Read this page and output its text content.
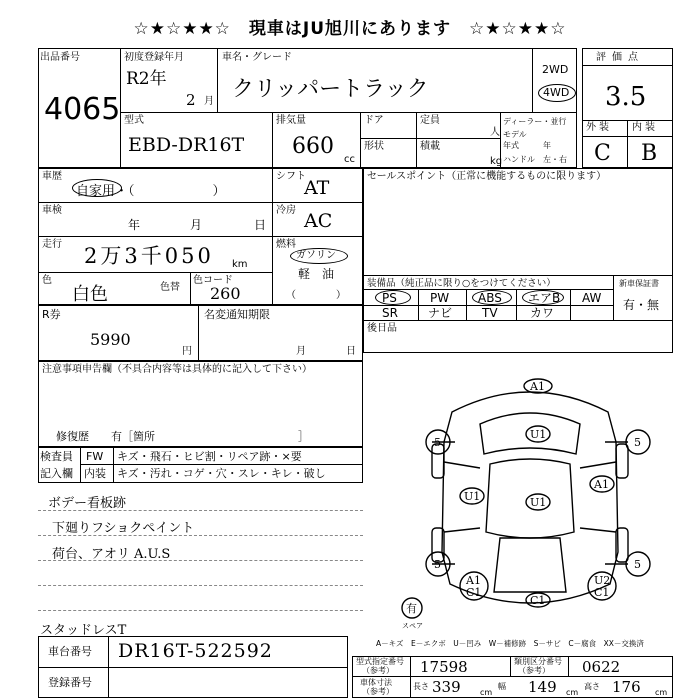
☆★☆★★☆　現車はJU旭川にあります　☆★☆★★☆
出品番号
4065
初度登録年月
R2年
2 月
車名・グレード
クリッパートラック
2WD
4WD
評価点
3.5
型式
EBD-DR16T
排気量
660
cc
ドア
形状
定員
人
積載
kg
ディーラー・並行
モデル
年式　　　年
ハンドル　左・右
外装 内装
C B
車歴
自家用・（　　　　　　）
シフト
AT
車検
年	月	日
冷房 AC
走行 2万3千050 km
燃料
ガソリン
軽　油
（　　　　）
色
白色	色替
色コード
260
セールスポイント（正常に機能するものに限ります）
装備品（純正品に限り○をつけてください）	新車保証書
有・無
PS	PW ABS エアB AW
SR	ナビ TV	カワ
後日品
R券
5990
円
名変通知期限
月	日
注意事項申告欄（不具合内容等は具体的に記入して下さい）
修復歴　　有［箇所　　　　　　　　　　　　　］
検査員
記入欄
FW キズ・飛石・ヒビ割・リペア跡・×要
内装 キズ・汚れ・コゲ・穴・スレ・キレ・破し
ボデー看板跡
下廻りフショクペイント
荷台、アオリ A.U.S
スタッドレスT
A1
U1
U1	U1
A1
A1
C1
U2
C1
C1
5	5
5	5
有
スペア
A－キズ　E－エクボ　U－凹み　W－補修跡　S－サビ　C－腐食　XX－交換済
車台番号 DR16T-522592
登録番号
型式指定番号
（参考） 17598	類別区分番号
（参考） 0622
車体寸法
（参考）
長さ 339 cm
幅 149 cm
高さ 176 cm
